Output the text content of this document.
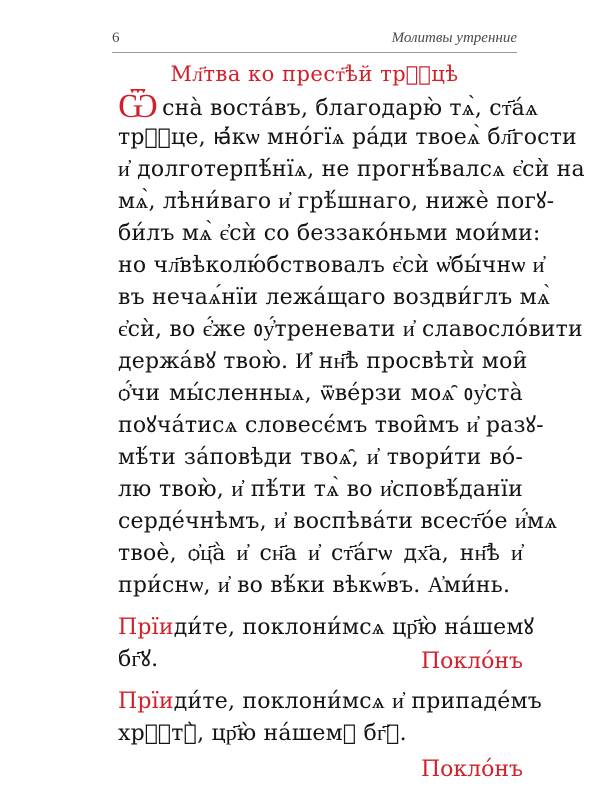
6	Молитвы утренние
Мл҃тва ко прест҃ѣй трⷪ҇цѣ
Ѿсна̀ воста́въ, благодарю̀ тѧ̀, ст҃а́ѧ
трⷪ҇це, ꙗ҆́кѡ мно́гїѧ ра́ди твоеѧ̀ бл҃гости
и҆ долготерпѣ́нїѧ, не прогнѣ́валсѧ є҆сѝ на
мѧ̀, лѣни́ваго и҆ грѣ́шнаго, нижѐ погꙋ-
би́лъ мѧ̀ є҆сѝ со беззако́ньми мои́ми:
но чл҃вѣколю́бствовалъ є҆сѝ ѡ҆бы́чнѡ и҆
въ нечаѧ́нїи лежа́щаго воздви́глъ мѧ̀
є҆сѝ, во є҆́же ᲂу҆́треневати и҆ славосло́вити
держа́вꙋ твою̀. И҆ нн҃ѣ просвѣтѝ мои̑
ѻ҆́чи мы́сленныѧ, ѿве́рзи моѧ̑ ᲂу҆ста̀
поꙋча́тисѧ словесє́мъ твои̑мъ и҆ разꙋ-
мѣ́ти за́повѣди твоѧ̑, и҆ твори́ти во́-
лю твою̀, и҆ пѣ́ти тѧ̀ во и҆сповѣ́данїи
серде́чнѣмъ, и҆ воспѣва́ти всест҃о́е и҆́мѧ
твоѐ, ѻ҆ц҃а̀ и҆ сн҃а и҆ ст҃а́гѡ дх҃а, нн҃ѣ и҆
при́снѡ, и҆ во вѣ́ки вѣкѡ́въ. А҆ми́нь.
Прїиди́те, поклони́мсѧ цр҃ю̀ на́шемꙋ
бг҃ꙋ.	Покло́нъ
Прїиди́те, поклони́мсѧ и҆ припаде́мъ
хрⷭ҇тꙋ̀, цр҃ю̀ на́шемꙋ бг҃ꙋ.
Покло́нъ
